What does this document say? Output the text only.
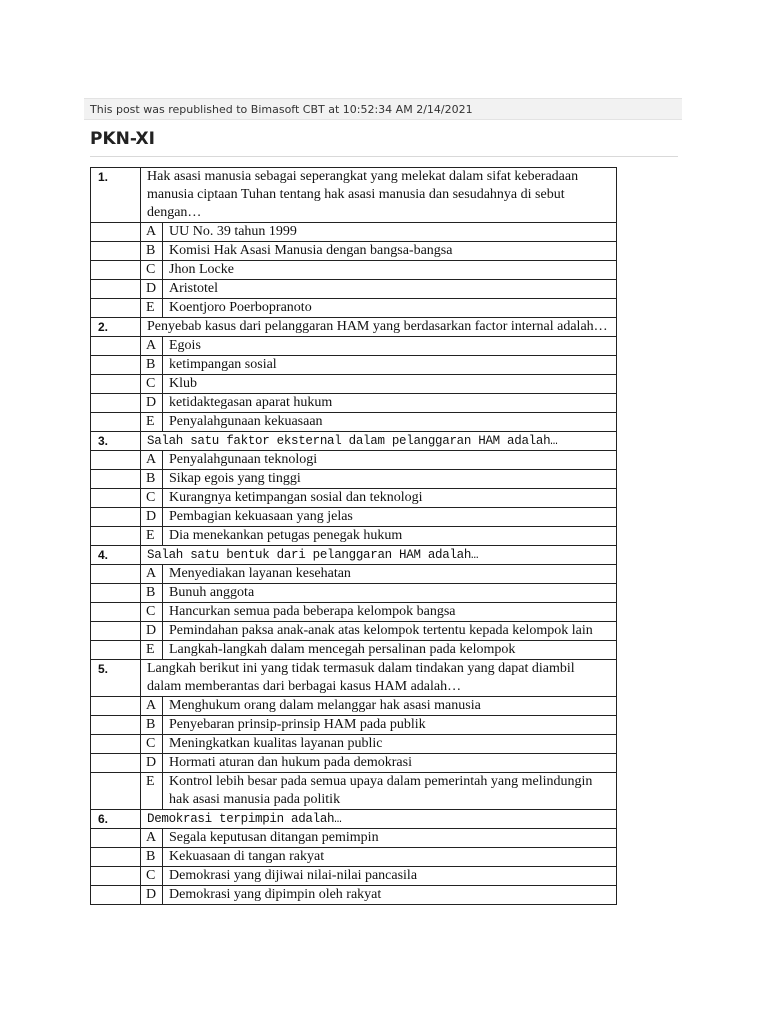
This post was republished to Bimasoft CBT at 10:52:34 AM 2/14/2021
PKN-XI
1.	Hak asasi manusia sebagai seperangkat yang melekat dalam sifat keberadaan manusia ciptaan Tuhan tentang hak asasi manusia dan sesudahnya di sebut dengan…	
	A	UU No. 39 tahun 1999
	B	Komisi Hak Asasi Manusia dengan bangsa-bangsa
	C	Jhon Locke
	D	Aristotel
	E	Koentjoro Poerbopranoto
2.	Penyebab kasus dari pelanggaran HAM yang berdasarkan factor internal adalah…	
	A	Egois
	B	ketimpangan sosial
	C	Klub
	D	ketidaktegasan aparat hukum
	E	Penyalahgunaan kekuasaan
3.	Salah satu faktor eksternal dalam pelanggaran HAM adalah…	
	A	Penyalahgunaan teknologi
	B	Sikap egois yang tinggi
	C	Kurangnya ketimpangan sosial dan teknologi
	D	Pembagian kekuasaan yang jelas
	E	Dia menekankan petugas penegak hukum
4.	Salah satu bentuk dari pelanggaran HAM adalah…	
	A	Menyediakan layanan kesehatan
	B	Bunuh anggota
	C	Hancurkan semua pada beberapa kelompok bangsa
	D	Pemindahan paksa anak-anak atas kelompok tertentu kepada kelompok lain
	E	Langkah-langkah dalam mencegah persalinan pada kelompok
5.	Langkah berikut ini yang tidak termasuk dalam tindakan yang dapat diambil dalam memberantas dari berbagai kasus HAM adalah…	
	A	Menghukum orang dalam melanggar hak asasi manusia
	B	Penyebaran prinsip-prinsip HAM pada publik
	C	Meningkatkan kualitas layanan public
	D	Hormati aturan dan hukum pada demokrasi
	E	Kontrol lebih besar pada semua upaya dalam pemerintah yang melindungin hak asasi manusia pada politik
6.	Demokrasi terpimpin adalah…	
	A	Segala keputusan ditangan pemimpin
	B	Kekuasaan di tangan rakyat
	C	Demokrasi yang dijiwai nilai-nilai pancasila
	D	Demokrasi yang dipimpin oleh rakyat
